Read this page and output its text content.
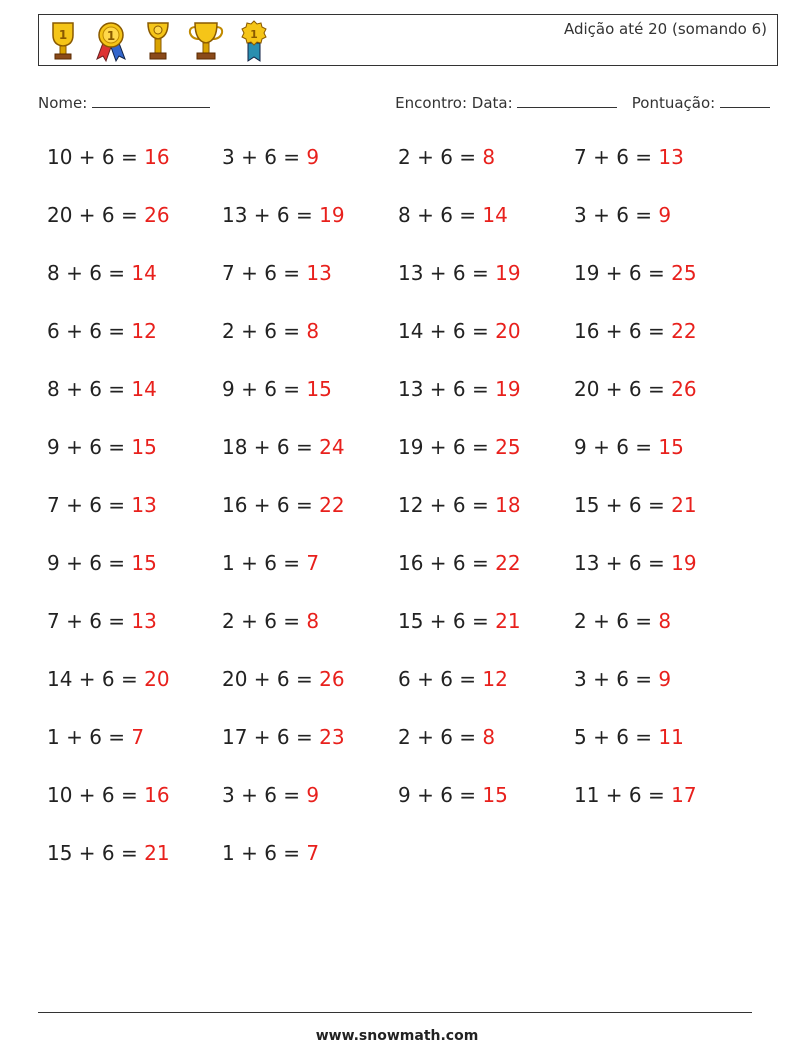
1	1	1	Adição até 20 (somando 6)
Nome:	Encontro: Data:	Pontuação:
10 + 6 = 16	3 + 6 = 9	2 + 6 = 8	7 + 6 = 13
20 + 6 = 26	13 + 6 = 19	8 + 6 = 14	3 + 6 = 9
8 + 6 = 14	7 + 6 = 13	13 + 6 = 19	19 + 6 = 25
6 + 6 = 12	2 + 6 = 8	14 + 6 = 20	16 + 6 = 22
8 + 6 = 14	9 + 6 = 15	13 + 6 = 19	20 + 6 = 26
9 + 6 = 15	18 + 6 = 24	19 + 6 = 25	9 + 6 = 15
7 + 6 = 13	16 + 6 = 22	12 + 6 = 18	15 + 6 = 21
9 + 6 = 15	1 + 6 = 7	16 + 6 = 22	13 + 6 = 19
7 + 6 = 13	2 + 6 = 8	15 + 6 = 21	2 + 6 = 8
14 + 6 = 20	20 + 6 = 26	6 + 6 = 12	3 + 6 = 9
1 + 6 = 7	17 + 6 = 23	2 + 6 = 8	5 + 6 = 11
10 + 6 = 16	3 + 6 = 9	9 + 6 = 15	11 + 6 = 17
15 + 6 = 21	1 + 6 = 7
www.snowmath.com
